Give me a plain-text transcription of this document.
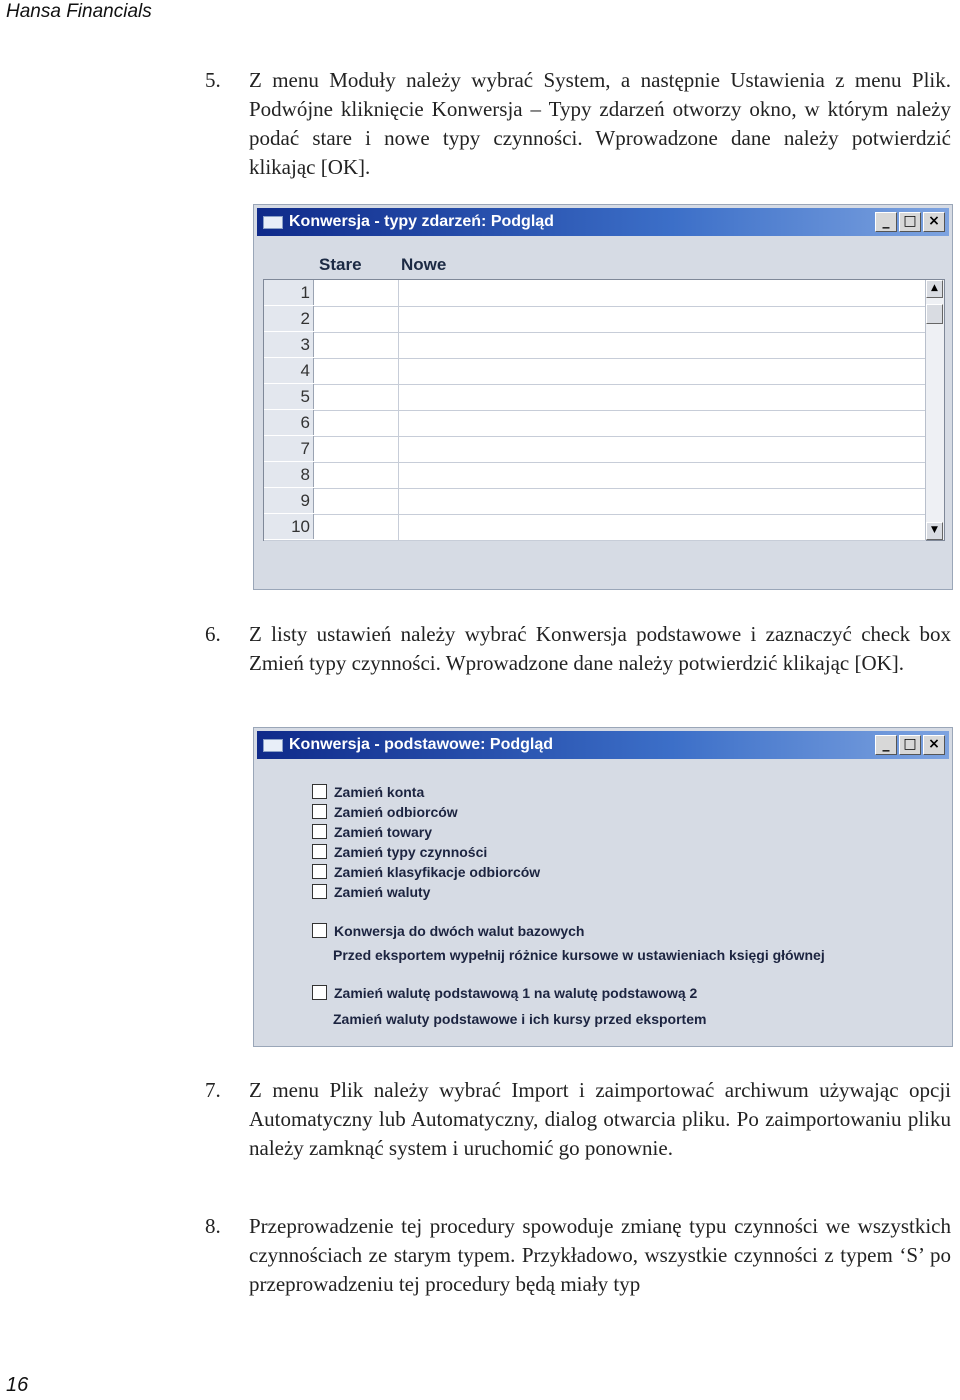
Hansa Financials
5. Z menu Moduły należy wybrać System, a następnie Ustawienia z menu Plik. Podwójne kliknięcie Konwersja – Typy zdarzeń otworzy okno, w którym należy podać stare i nowe typy czynności. Wprowadzone dane należy potwierdzić klikając [OK].
Konwersja - typy zdarzeń: Podgląd	_ □ ×
Stare Nowe
1
2
3
4
5
6
7
8
9
10
▲
▼
6. Z listy ustawień należy wybrać Konwersja podstawowe i zaznaczyć check box Zmień typy czynności. Wprowadzone dane należy potwierdzić klikając [OK].
Konwersja - podstawowe: Podgląd	_ □ ×
Zamień konta
Zamień odbiorców
Zamień towary
Zamień typy czynności
Zamień klasyfikacje odbiorców
Zamień waluty
Konwersja do dwóch walut bazowych
Przed eksportem wypełnij różnice kursowe w ustawieniach księgi głównej
Zamień walutę podstawową 1 na walutę podstawową 2
Zamień waluty podstawowe i ich kursy przed eksportem
7. Z menu Plik należy wybrać Import i zaimportować archiwum używając opcji Automatyczny lub Automatyczny, dialog otwarcia pliku. Po zaimportowaniu pliku należy zamknąć system i uruchomić go ponownie.
8. Przeprowadzenie tej procedury spowoduje zmianę typu czynności we wszystkich czynnościach ze starym typem. Przykładowo, wszystkie czynności z typem ‘S’ po przeprowadzeniu tej procedury będą miały typ
16
